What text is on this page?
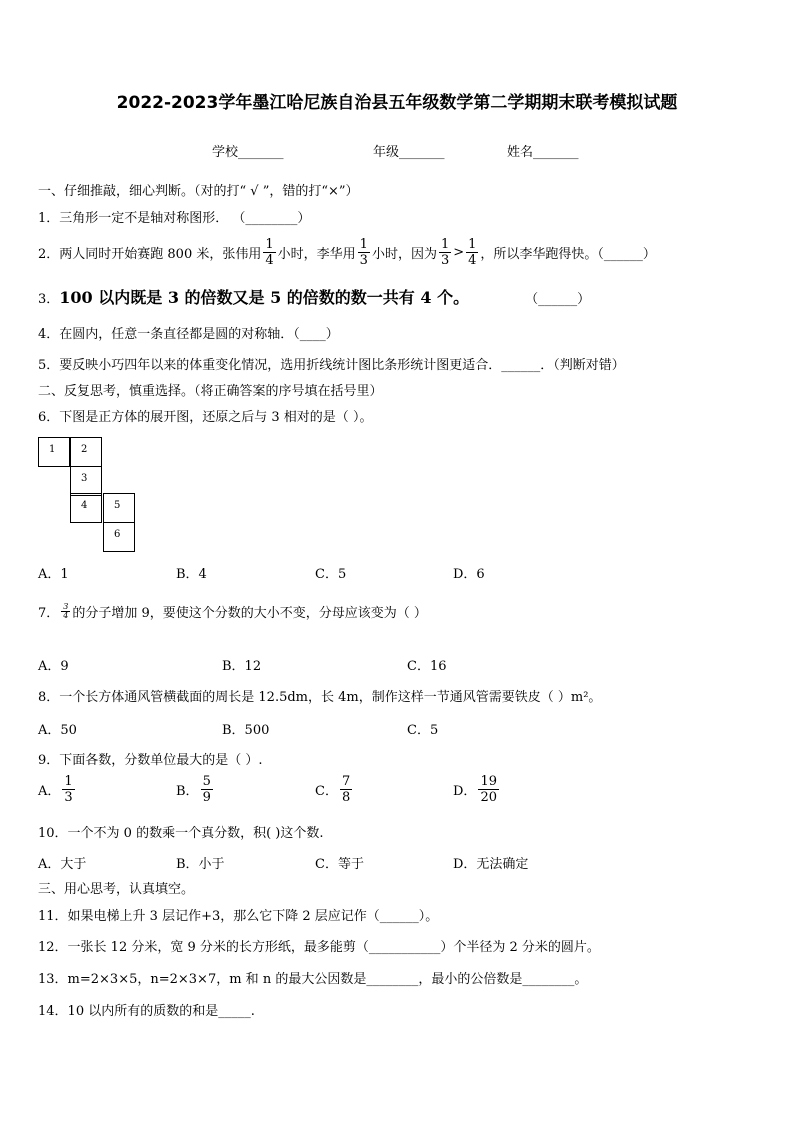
2022-2023学年墨江哈尼族自治县五年级数学第二学期期末联考模拟试题
学校_______	年级_______	姓名_______
一、仔细推敲，细心判断。（对的打“ √ ”，错的打“×”）
1．三角形一定不是轴对称图形． （________）
2．两人同时开始赛跑 800 米，张伟用 $\frac{1}{4}$ 小时，李华用 $\frac{1}{3}$ 小时，因为 $\frac{1}{3} > \frac{1}{4}$ ，所以李华跑得快。（______）
3． 100 以内既是 3 的倍数又是 5 的倍数的数一共有 4 个。	（______）
4．在圆内，任意一条直径都是圆的对称轴．（____）
5．要反映小巧四年以来的体重变化情况，选用折线统计图比条形统计图更适合．______．（判断对错）
二、反复思考，慎重选择。（将正确答案的序号填在括号里）
6．下图是正方体的展开图，还原之后与 3 相对的是（ ）。
1	2
3
4	5
6
A．1	B．4	C．5	D．6
7． $\frac{3}{4}$ 的分子增加 9，要使这个分数的大小不变，分母应该变为（ ）
A．9	B．12	C．16
8．一个长方体通风管横截面的周长是 12.5dm，长 4m，制作这样一节通风管需要铁皮（ ）m²。
A．50	B．500	C．5
9．下面各数，分数单位最大的是（ ）.
A． $\frac{1}{3}$	B． $\frac{5}{9}$	C． $\frac{7}{8}$	D． $\frac{19}{20}$
10．一个不为 0 的数乘一个真分数，积( )这个数.
A．大于	B．小于	C．等于	D．无法确定
三、用心思考，认真填空。
11．如果电梯上升 3 层记作+3，那么它下降 2 层应记作（______）。
12．一张长 12 分米，宽 9 分米的长方形纸，最多能剪（___________）个半径为 2 分米的圆片。
13．m=2×3×5，n=2×3×7，m 和 n 的最大公因数是________，最小的公倍数是________。
14．10 以内所有的质数的和是_____.
